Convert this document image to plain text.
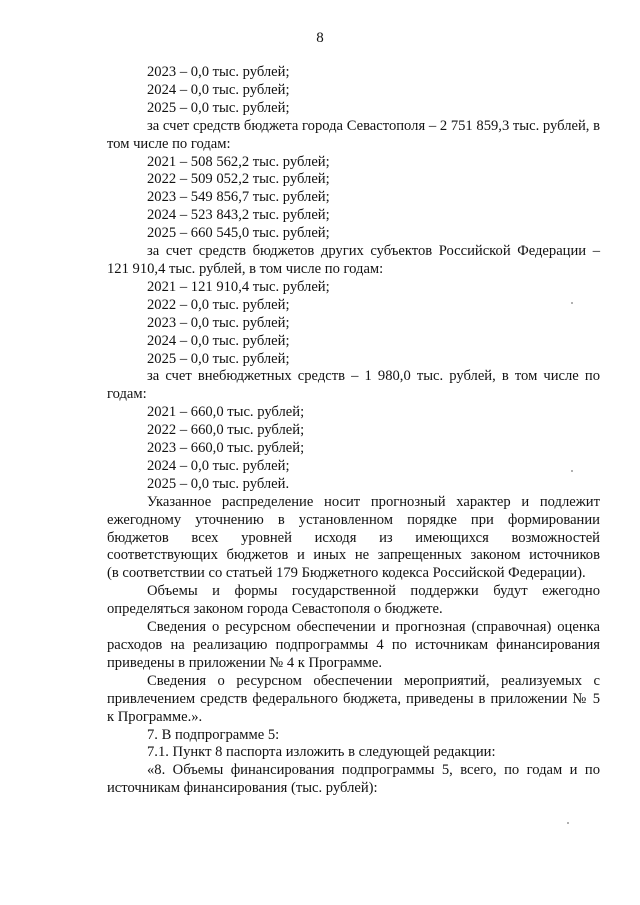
8

2023 – 0,0 тыс. рублей;

2024 – 0,0 тыс. рублей;

2025 – 0,0 тыс. рублей;

за счет средств бюджета города Севастополя – 2 751 859,3 тыс. рублей, в том числе по годам:

2021 – 508 562,2 тыс. рублей;

2022 – 509 052,2 тыс. рублей;

2023 – 549 856,7 тыс. рублей;

2024 – 523 843,2 тыс. рублей;

2025 – 660 545,0 тыс. рублей;

за счет средств бюджетов других субъектов Российской Федерации – 121 910,4 тыс. рублей, в том числе по годам:

2021 – 121 910,4 тыс. рублей;

2022 – 0,0 тыс. рублей;

2023 – 0,0 тыс. рублей;

2024 – 0,0 тыс. рублей;

2025 – 0,0 тыс. рублей;

за счет внебюджетных средств – 1 980,0 тыс. рублей, в том числе по годам:

2021 – 660,0 тыс. рублей;

2022 – 660,0 тыс. рублей;

2023 – 660,0 тыс. рублей;

2024 – 0,0 тыс. рублей;

2025 – 0,0 тыс. рублей.

Указанное распределение носит прогнозный характер и подлежит ежегодному уточнению в установленном порядке при формировании бюджетов всех уровней исходя из имеющихся возможностей соответствующих бюджетов и иных не запрещенных законом источников

(в соответствии со статьей 179 Бюджетного кодекса Российской Федерации).

Объемы и формы государственной поддержки будут ежегодно определяться законом города Севастополя о бюджете.

Сведения о ресурсном обеспечении и прогнозная (справочная) оценка расходов на реализацию подпрограммы 4 по источникам финансирования приведены в приложении № 4 к Программе.

Сведения о ресурсном обеспечении мероприятий, реализуемых с привлечением средств федерального бюджета, приведены в приложении № 5

к Программе.».

7. В подпрограмме 5:

7.1. Пункт 8 паспорта изложить в следующей редакции:

«8. Объемы финансирования подпрограммы 5, всего, по годам и по источникам финансирования (тыс. рублей):
